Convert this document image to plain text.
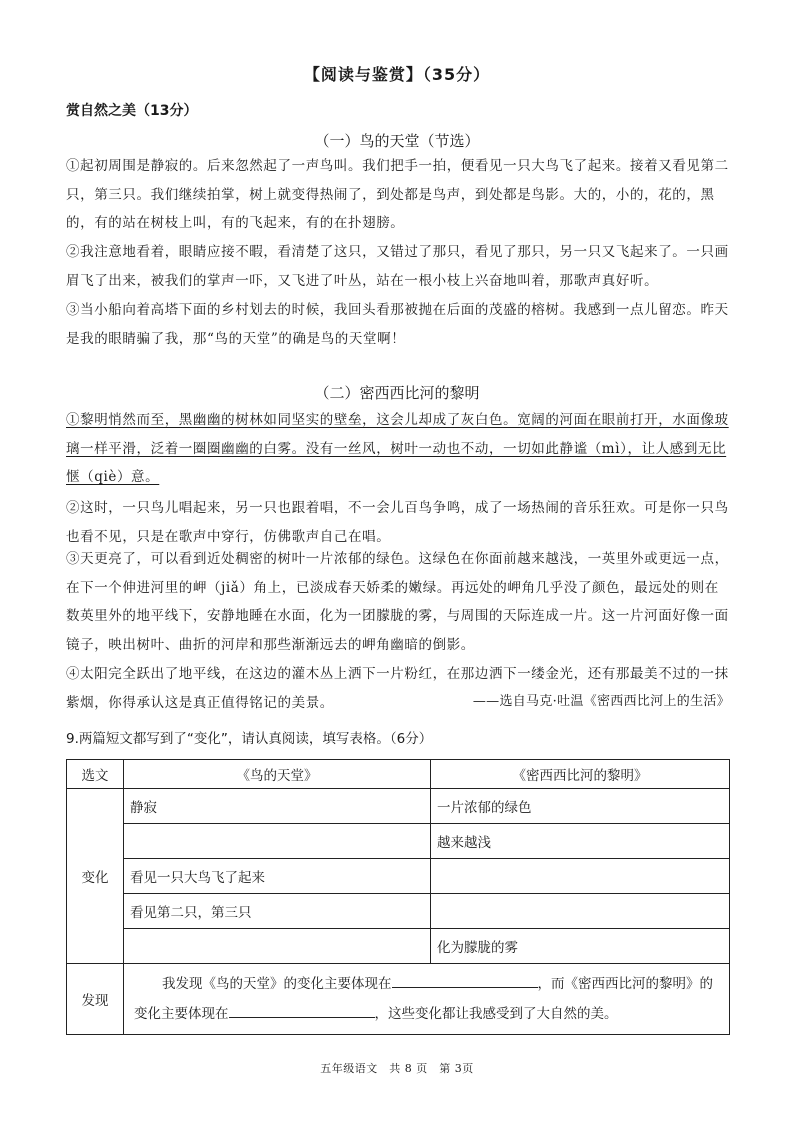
【阅读与鉴赏】（35分）
赏自然之美（13分）
（一）鸟的天堂（节选）
①起初周围是静寂的。后来忽然起了一声鸟叫。我们把手一拍，便看见一只大鸟飞了起来。接着又看见第二只，第三只。我们继续拍掌，树上就变得热闹了，到处都是鸟声，到处都是鸟影。大的，小的，花的，黑的，有的站在树枝上叫，有的飞起来，有的在扑翅膀。
②我注意地看着，眼睛应接不暇，看清楚了这只，又错过了那只，看见了那只，另一只又飞起来了。一只画眉飞了出来，被我们的掌声一吓，又飞进了叶丛，站在一根小枝上兴奋地叫着，那歌声真好听。
③当小船向着高塔下面的乡村划去的时候，我回头看那被抛在后面的茂盛的榕树。我感到一点儿留恋。昨天是我的眼睛骗了我，那“鸟的天堂”的确是鸟的天堂啊！
（二）密西西比河的黎明
①黎明悄然而至，黑幽幽的树林如同坚实的壁垒，这会儿却成了灰白色。宽阔的河面在眼前打开，水面像玻璃一样平滑，泛着一圈圈幽幽的白雾。没有一丝风，树叶一动也不动，一切如此静谧（mì），让人感到无比惬（qiè）意。
②这时，一只鸟儿唱起来，另一只也跟着唱，不一会儿百鸟争鸣，成了一场热闹的音乐狂欢。可是你一只鸟也看不见，只是在歌声中穿行，仿佛歌声自己在唱。
③天更亮了，可以看到近处稠密的树叶一片浓郁的绿色。这绿色在你面前越来越浅，一英里外或更远一点，在下一个伸进河里的岬（jiǎ）角上，已淡成春天娇柔的嫩绿。再远处的岬角几乎没了颜色，最远处的则在数英里外的地平线下，安静地睡在水面，化为一团朦胧的雾，与周围的天际连成一片。这一片河面好像一面镜子，映出树叶、曲折的河岸和那些渐渐远去的岬角幽暗的倒影。
④太阳完全跃出了地平线，在这边的灌木丛上洒下一片粉红，在那边洒下一缕金光，还有那最美不过的一抹紫烟，你得承认这是真正值得铭记的美景。	——选自马克·吐温《密西西比河上的生活》
9.两篇短文都写到了“变化”，请认真阅读，填写表格。（6分）
选文	《鸟的天堂》	《密西西比河的黎明》
变化	静寂	一片浓郁的绿色
		越来越浅
	看见一只大鸟飞了起来	
	看见第二只，第三只	
		化为朦胧的雾
发现	我发现《鸟的天堂》的变化主要体现在 ，而《密西西比河的黎明》的变化主要体现在 ，这些变化都让我感受到了大自然的美。	
五年级语文　共 8 页　第 3页
